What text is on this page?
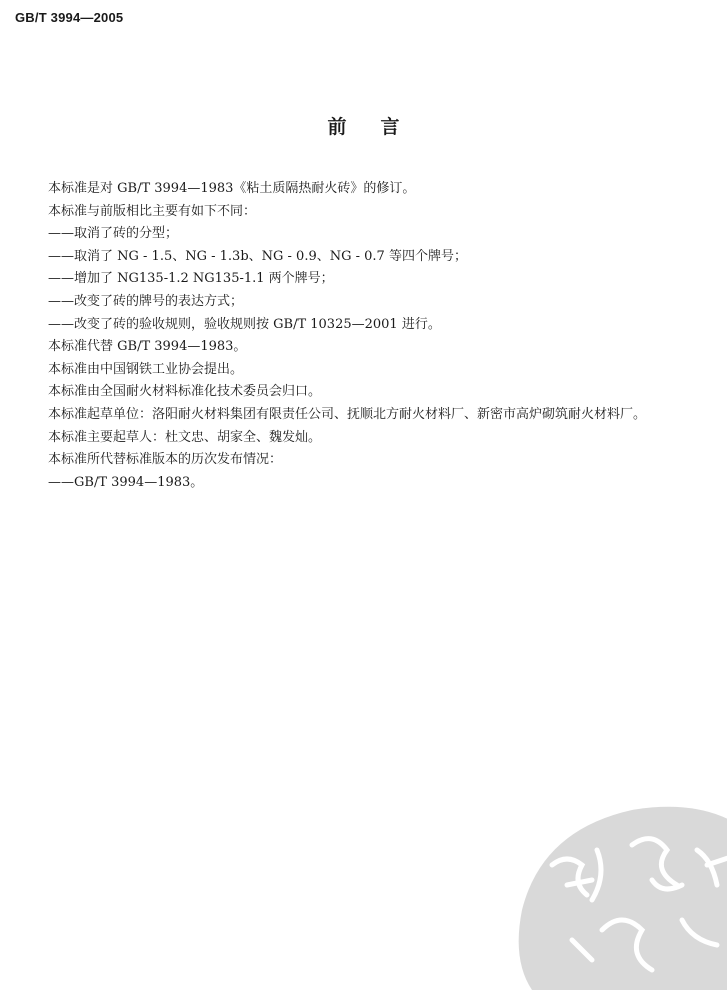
GB/T 3994—2005
前言

本标准是对 GB/T 3994—1983《粘土质隔热耐火砖》的修订。

本标准与前版相比主要有如下不同：

——取消了砖的分型；

——取消了 NG - 1.5、NG - 1.3b、NG - 0.9、NG - 0.7 等四个牌号；

——增加了 NG135-1.2 NG135-1.1 两个牌号；

——改变了砖的牌号的表达方式；

——改变了砖的验收规则，验收规则按 GB/T 10325—2001 进行。

本标准代替 GB/T 3994—1983。

本标准由中国钢铁工业协会提出。

本标准由全国耐火材料标准化技术委员会归口。

本标准起草单位：洛阳耐火材料集团有限责任公司、抚顺北方耐火材料厂、新密市高炉砌筑耐火材料厂。

本标准主要起草人：杜文忠、胡家全、魏发灿。

本标准所代替标准版本的历次发布情况：

——GB/T 3994—1983。
